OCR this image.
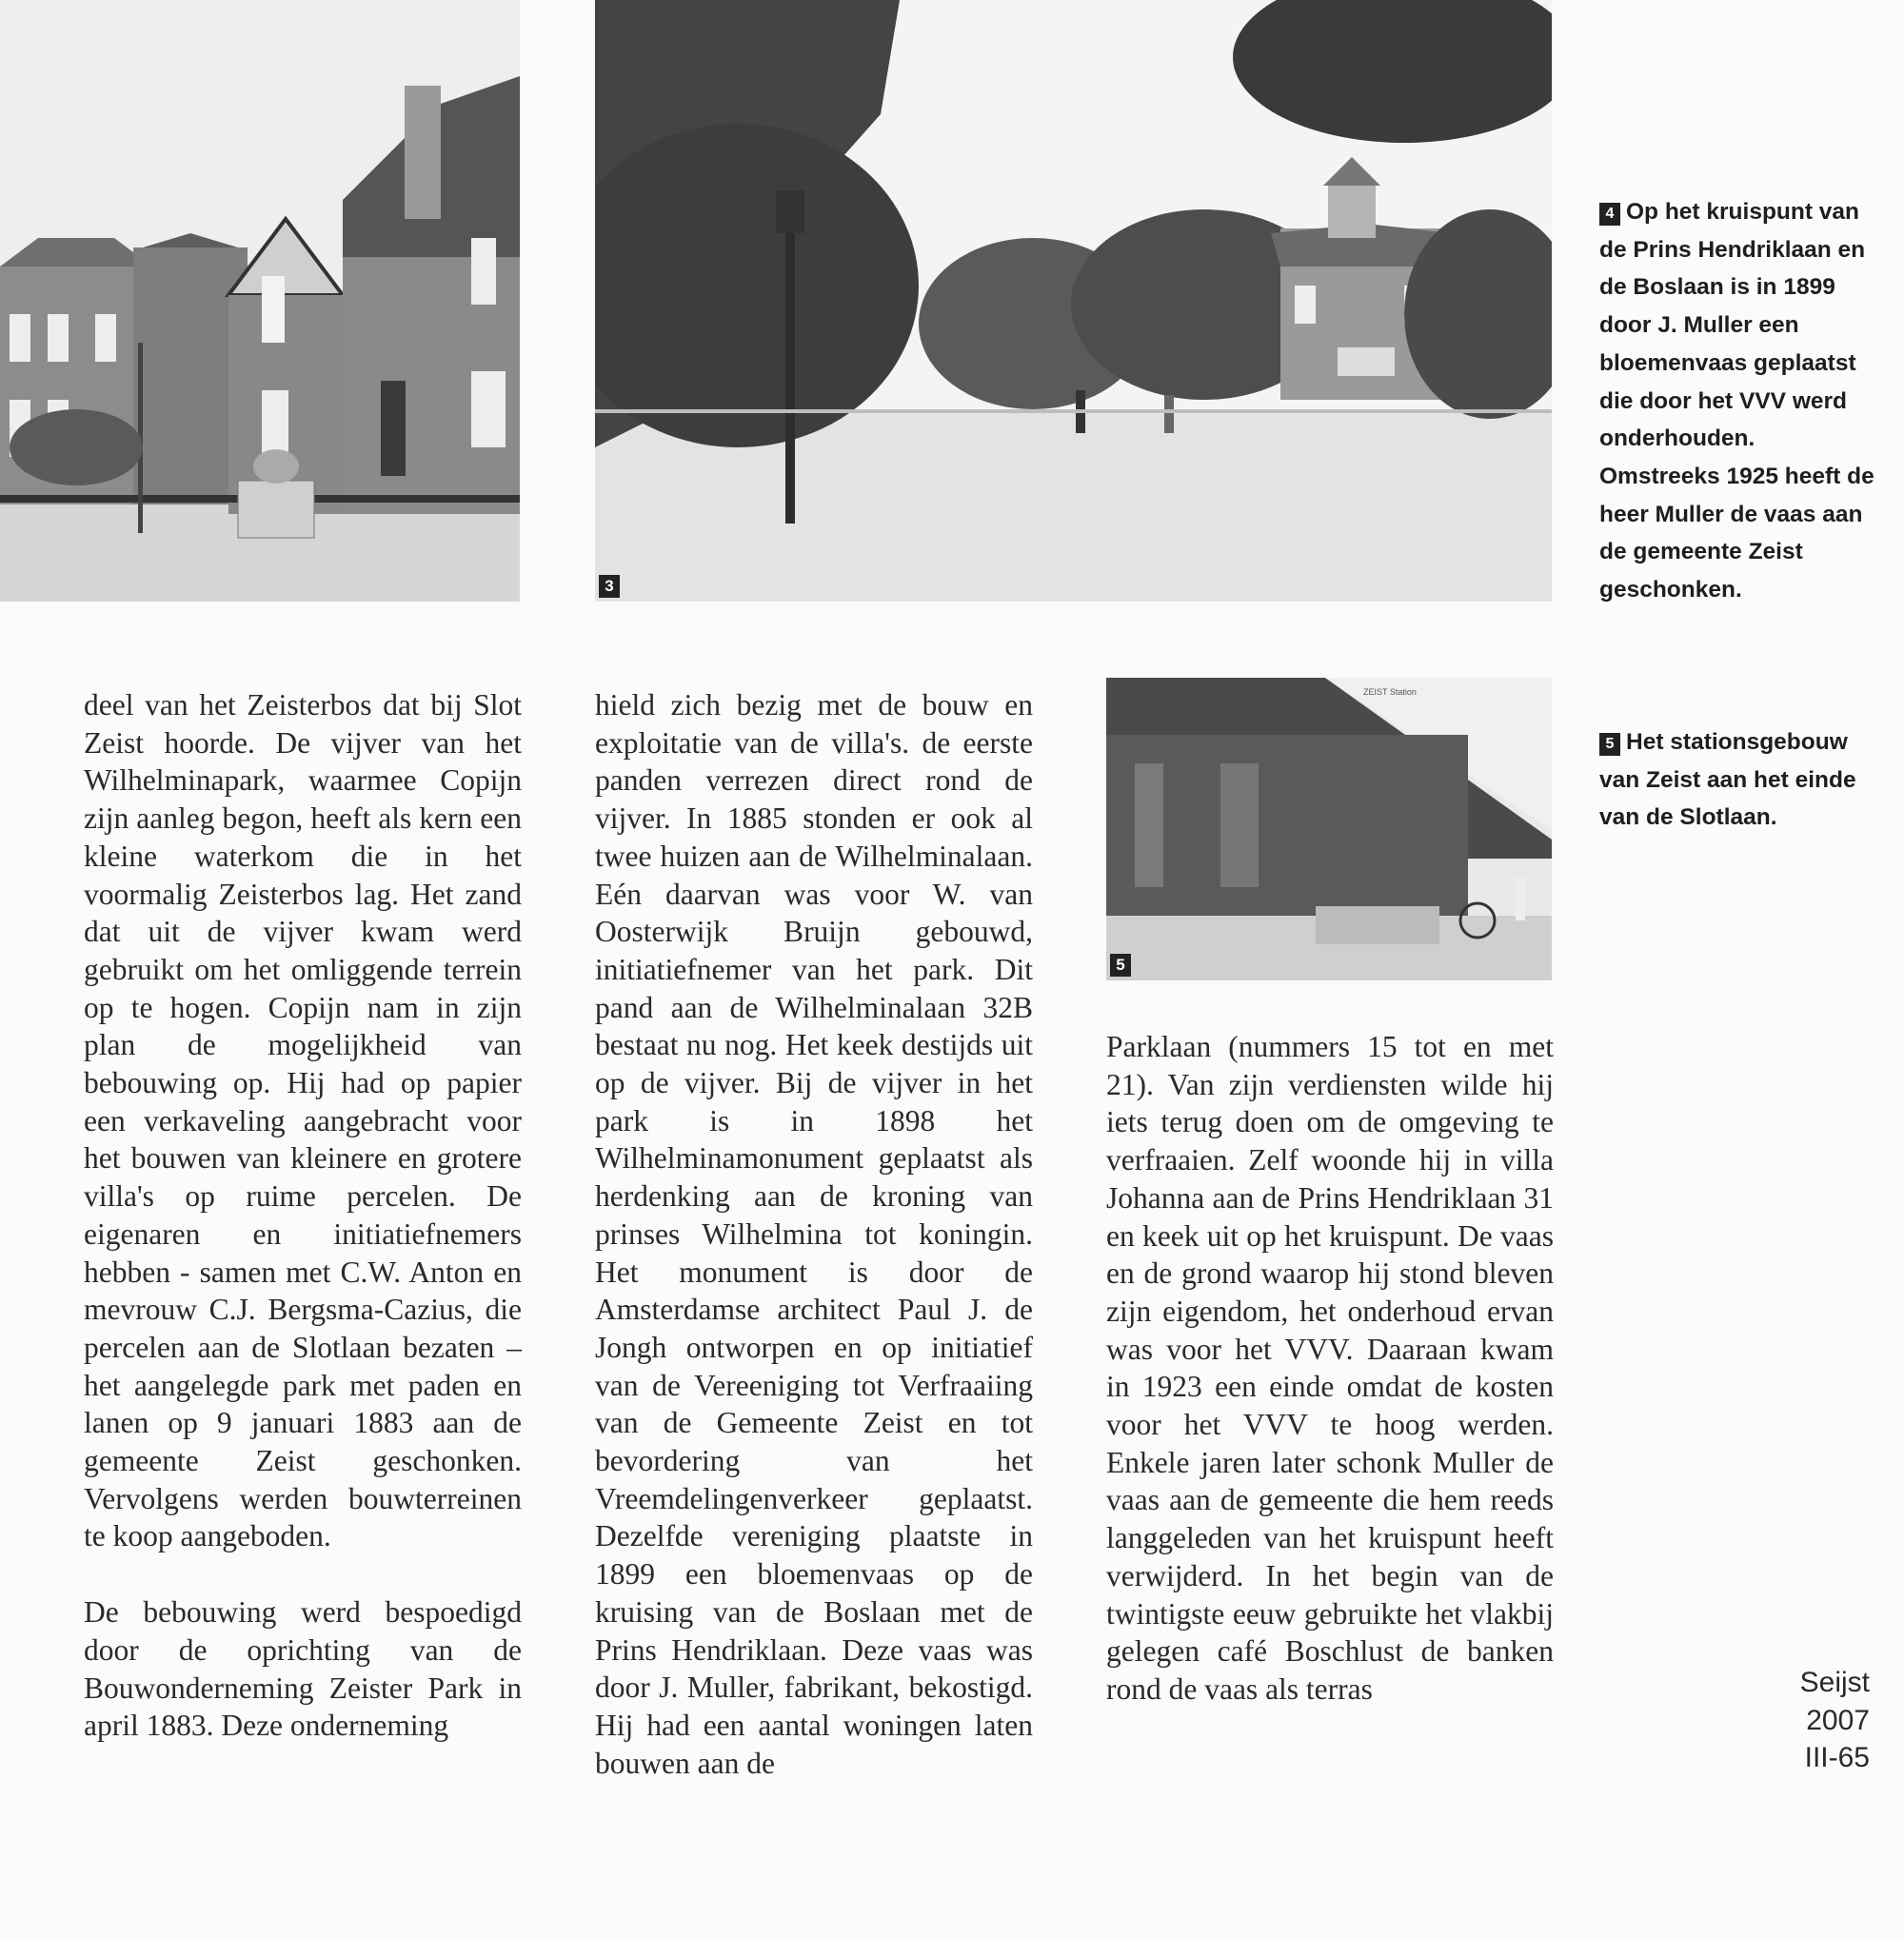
3
ZEIST Station
5

deel van het Zeisterbos dat bij Slot Zeist hoorde. De vijver van het Wilhelminapark, waarmee Copijn zijn aanleg begon, heeft als kern een kleine waterkom die in het voormalig Zeisterbos lag. Het zand dat uit de vijver kwam werd gebruikt om het omliggende terrein op te hogen. Copijn nam in zijn plan de mogelijkheid van bebouwing op. Hij had op papier een verkaveling aangebracht voor het bouwen van kleinere en grotere villa's op ruime percelen. De eigenaren en initiatiefnemers hebben - samen met C.W. Anton en mevrouw C.J. Bergsma-Cazius, die percelen aan de Slotlaan bezaten – het aangelegde park met paden en lanen op 9 januari 1883 aan de gemeente Zeist geschonken. Vervolgens werden bouwterreinen te koop aangeboden.

De bebouwing werd bespoedigd door de oprichting van de Bouwonderneming Zeister Park in april 1883. Deze onderneming

hield zich bezig met de bouw en exploitatie van de villa's. de eerste panden verrezen direct rond de vijver. In 1885 stonden er ook al twee huizen aan de Wilhelminalaan. Eén daarvan was voor W. van Oosterwijk Bruijn gebouwd, initiatiefnemer van het park. Dit pand aan de Wilhelminalaan 32B bestaat nu nog. Het keek destijds uit op de vijver. Bij de vijver in het park is in 1898 het Wilhelminamonument geplaatst als herdenking aan de kroning van prinses Wilhelmina tot koningin. Het monument is door de Amsterdamse architect Paul J. de Jongh ontworpen en op initiatief van de Vereeniging tot Verfraaiing van de Gemeente Zeist en tot bevordering van het Vreemdelingenverkeer geplaatst. Dezelfde vereniging plaatste in 1899 een bloemenvaas op de kruising van de Boslaan met de Prins Hendriklaan. Deze vaas was door J. Muller, fabrikant, bekostigd. Hij had een aantal woningen laten bouwen aan de

Parklaan (nummers 15 tot en met 21). Van zijn verdiensten wilde hij iets terug doen om de omgeving te verfraaien. Zelf woonde hij in villa Johanna aan de Prins Hendriklaan 31 en keek uit op het kruispunt. De vaas en de grond waarop hij stond bleven zijn eigendom, het onderhoud ervan was voor het VVV. Daaraan kwam in 1923 een einde omdat de kosten voor het VVV te hoog werden. Enkele jaren later schonk Muller de vaas aan de gemeente die hem reeds langgeleden van het kruispunt heeft verwijderd. In het begin van de twintigste eeuw gebruikte het vlakbij gelegen café Boschlust de banken rond de vaas als terras

4 Op het kruispunt van de Prins Hendriklaan en de Boslaan is in 1899 door J. Muller een bloemenvaas geplaatst die door het VVV werd onderhouden. Omstreeks 1925 heeft de heer Muller de vaas aan de gemeente Zeist geschonken.
5 Het stationsgebouw van Zeist aan het einde van de Slotlaan.
Seijst
2007
III-65
